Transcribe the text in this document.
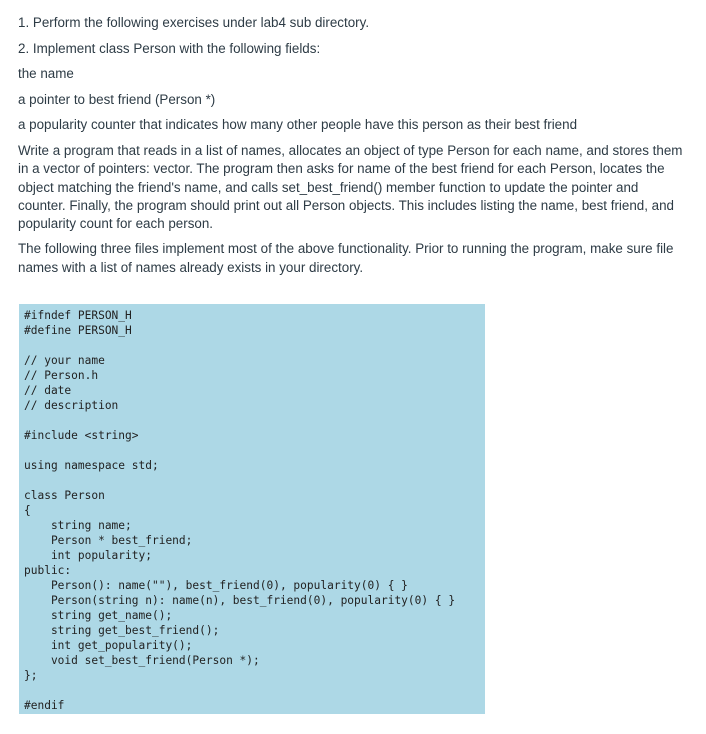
1. Perform the following exercises under lab4 sub directory.
2. Implement class Person with the following fields:
the name
a pointer to best friend (Person *)
a popularity counter that indicates how many other people have this person as their best friend
Write a program that reads in a list of names, allocates an object of type Person for each name, and stores them in a vector of pointers: vector. The program then asks for name of the best friend for each Person, locates the object matching the friend's name, and calls set_best_friend() member function to update the pointer and counter. Finally, the program should print out all Person objects. This includes listing the name, best friend, and popularity count for each person.
The following three files implement most of the above functionality. Prior to running the program, make sure file names with a list of names already exists in your directory.
#ifndef PERSON_H
#define PERSON_H

// your name
// Person.h
// date
// description

#include <string>

using namespace std;

class Person
{
string name;
Person * best_friend;
int popularity;
public:
Person(): name(""), best_friend(0), popularity(0) { }
Person(string n): name(n), best_friend(0), popularity(0) { }
string get_name();
string get_best_friend();
int get_popularity();
void set_best_friend(Person *);
};

#endif
